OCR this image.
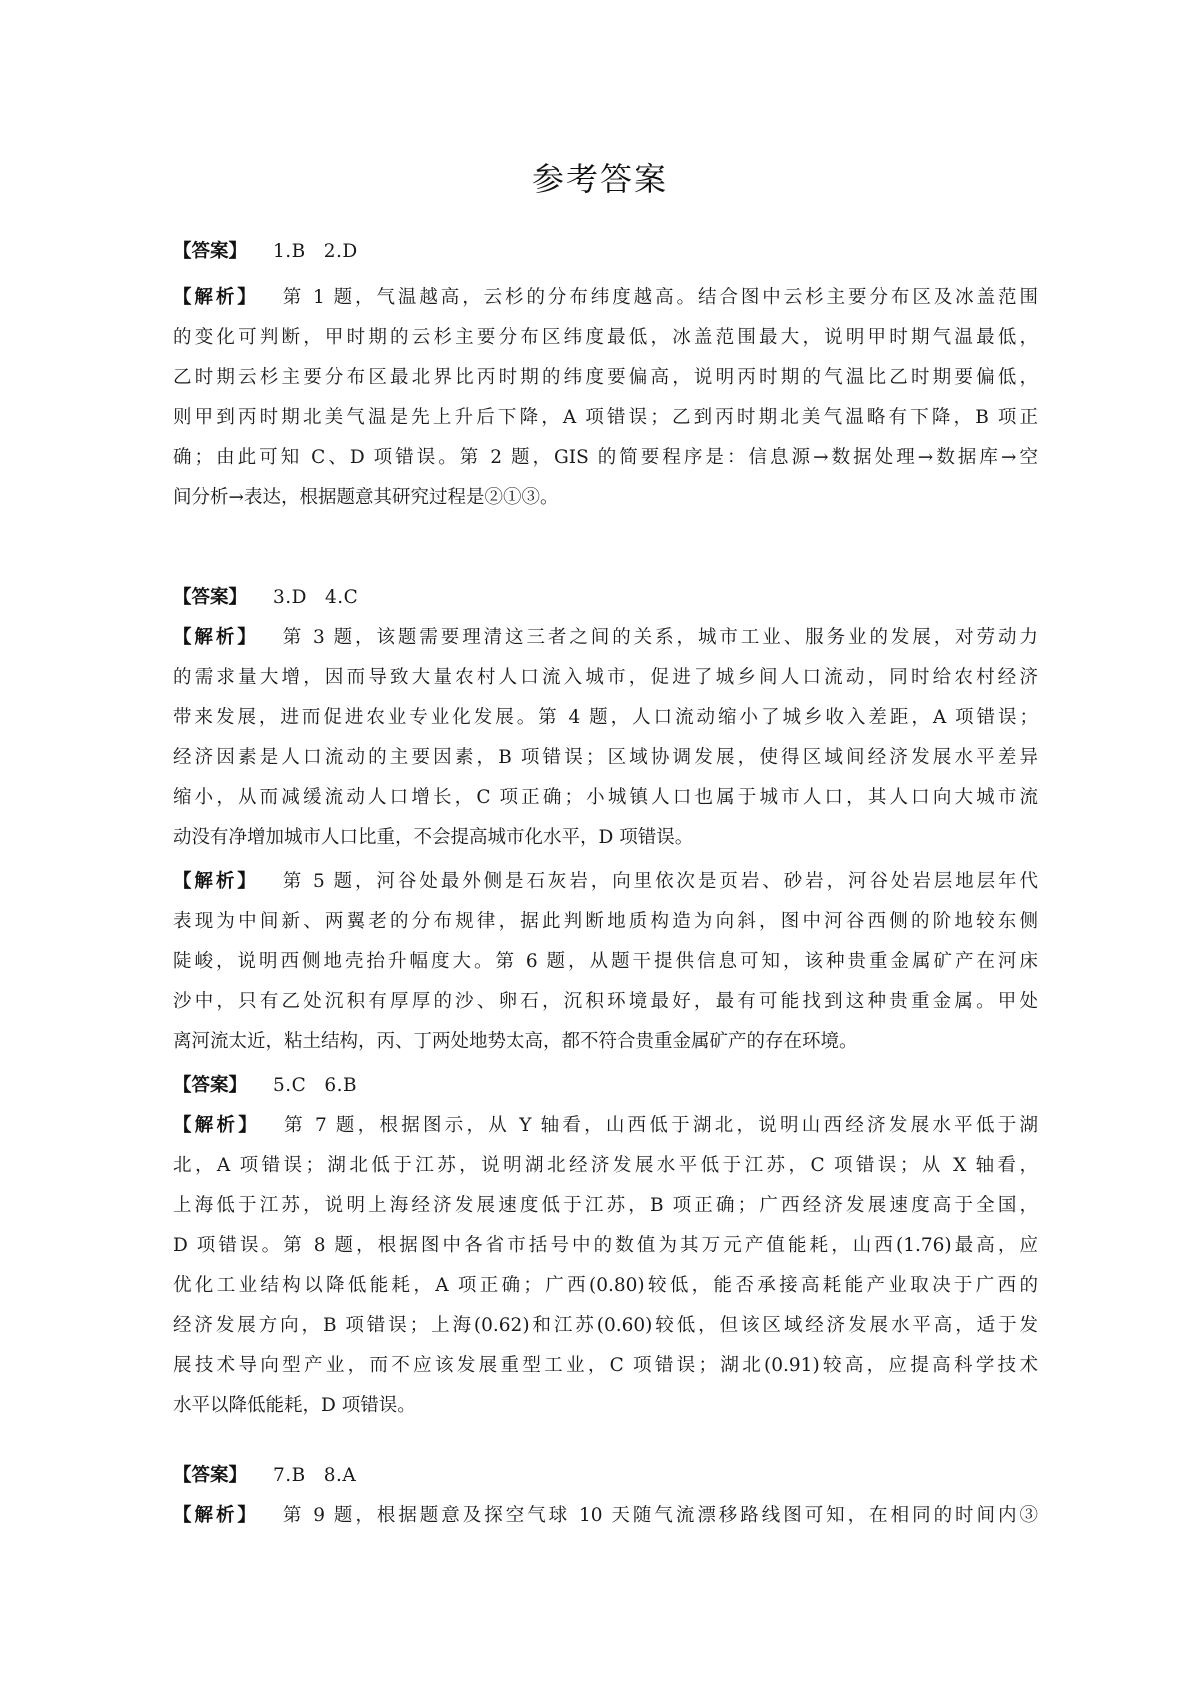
参考答案
【答案】 1.B 2.D
【解析】 第 1 题，气温越高，云杉的分布纬度越高。结合图中云杉主要分布区及冰盖范围
的变化可判断，甲时期的云杉主要分布区纬度最低，冰盖范围最大，说明甲时期气温最低，
乙时期云杉主要分布区最北界比丙时期的纬度要偏高，说明丙时期的气温比乙时期要偏低，
则甲到丙时期北美气温是先上升后下降，A 项错误；乙到丙时期北美气温略有下降，B 项正
确；由此可知 C、D 项错误。第 2 题，GIS 的简要程序是：信息源→数据处理→数据库→空
间分析→表达，根据题意其研究过程是②①③。
【答案】 3.D 4.C
【解析】 第 3 题，该题需要理清这三者之间的关系，城市工业、服务业的发展，对劳动力
的需求量大增，因而导致大量农村人口流入城市，促进了城乡间人口流动，同时给农村经济
带来发展，进而促进农业专业化发展。第 4 题，人口流动缩小了城乡收入差距，A 项错误；
经济因素是人口流动的主要因素，B 项错误；区域协调发展，使得区域间经济发展水平差异
缩小，从而减缓流动人口增长，C 项正确；小城镇人口也属于城市人口，其人口向大城市流
动没有净增加城市人口比重，不会提高城市化水平，D 项错误。
【解析】 第 5 题，河谷处最外侧是石灰岩，向里依次是页岩、砂岩，河谷处岩层地层年代
表现为中间新、两翼老的分布规律，据此判断地质构造为向斜，图中河谷西侧的阶地较东侧
陡峻，说明西侧地壳抬升幅度大。第 6 题，从题干提供信息可知，该种贵重金属矿产在河床
沙中，只有乙处沉积有厚厚的沙、卵石，沉积环境最好，最有可能找到这种贵重金属。甲处
离河流太近，粘土结构，丙、丁两处地势太高，都不符合贵重金属矿产的存在环境。
【答案】 5.C 6.B
【解析】 第 7 题，根据图示，从 Y 轴看，山西低于湖北，说明山西经济发展水平低于湖
北，A 项错误；湖北低于江苏，说明湖北经济发展水平低于江苏，C 项错误；从 X 轴看，
上海低于江苏，说明上海经济发展速度低于江苏，B 项正确；广西经济发展速度高于全国，
D 项错误。第 8 题，根据图中各省市括号中的数值为其万元产值能耗，山西(1.76)最高，应
优化工业结构以降低能耗，A 项正确；广西(0.80)较低，能否承接高耗能产业取决于广西的
经济发展方向，B 项错误；上海(0.62)和江苏(0.60)较低，但该区域经济发展水平高，适于发
展技术导向型产业，而不应该发展重型工业，C 项错误；湖北(0.91)较高，应提高科学技术
水平以降低能耗，D 项错误。
【答案】 7.B 8.A
【解析】 第 9 题，根据题意及探空气球 10 天随气流漂移路线图可知，在相同的时间内③
